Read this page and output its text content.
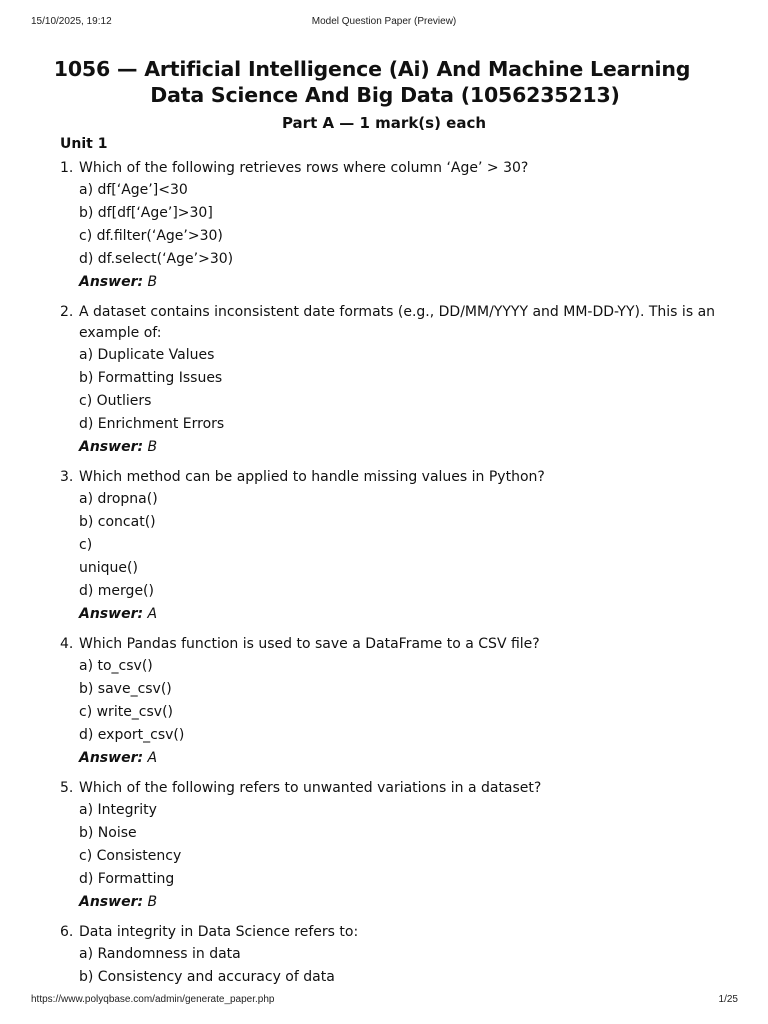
15/10/2025, 19:12	Model Question Paper (Preview)
1056 — Artificial Intelligence (Ai) And Machine LearningData Science And Big Data (1056235213)
Part A — 1 mark(s) each
Unit 1
1. Which of the following retrieves rows where column ‘Age’ > 30?
a) df[‘Age’]<30
b) df[df[‘Age’]>30]
c) df.filter(‘Age’>30)
d) df.select(‘Age’>30)
Answer: B
2. A dataset contains inconsistent date formats (e.g., DD/MM/YYYY and MM-DD-YY). This is an example of:
a) Duplicate Values
b) Formatting Issues
c) Outliers
d) Enrichment Errors
Answer: B
3. Which method can be applied to handle missing values in Python?
a) dropna()
b) concat()
c)
unique()
d) merge()
Answer: A
4. Which Pandas function is used to save a DataFrame to a CSV file?
a) to_csv()
b) save_csv()
c) write_csv()
d) export_csv()
Answer: A
5. Which of the following refers to unwanted variations in a dataset?
a) Integrity
b) Noise
c) Consistency
d) Formatting
Answer: B
6. Data integrity in Data Science refers to:
a) Randomness in data
b) Consistency and accuracy of data
https://www.polyqbase.com/admin/generate_paper.php	1/25
